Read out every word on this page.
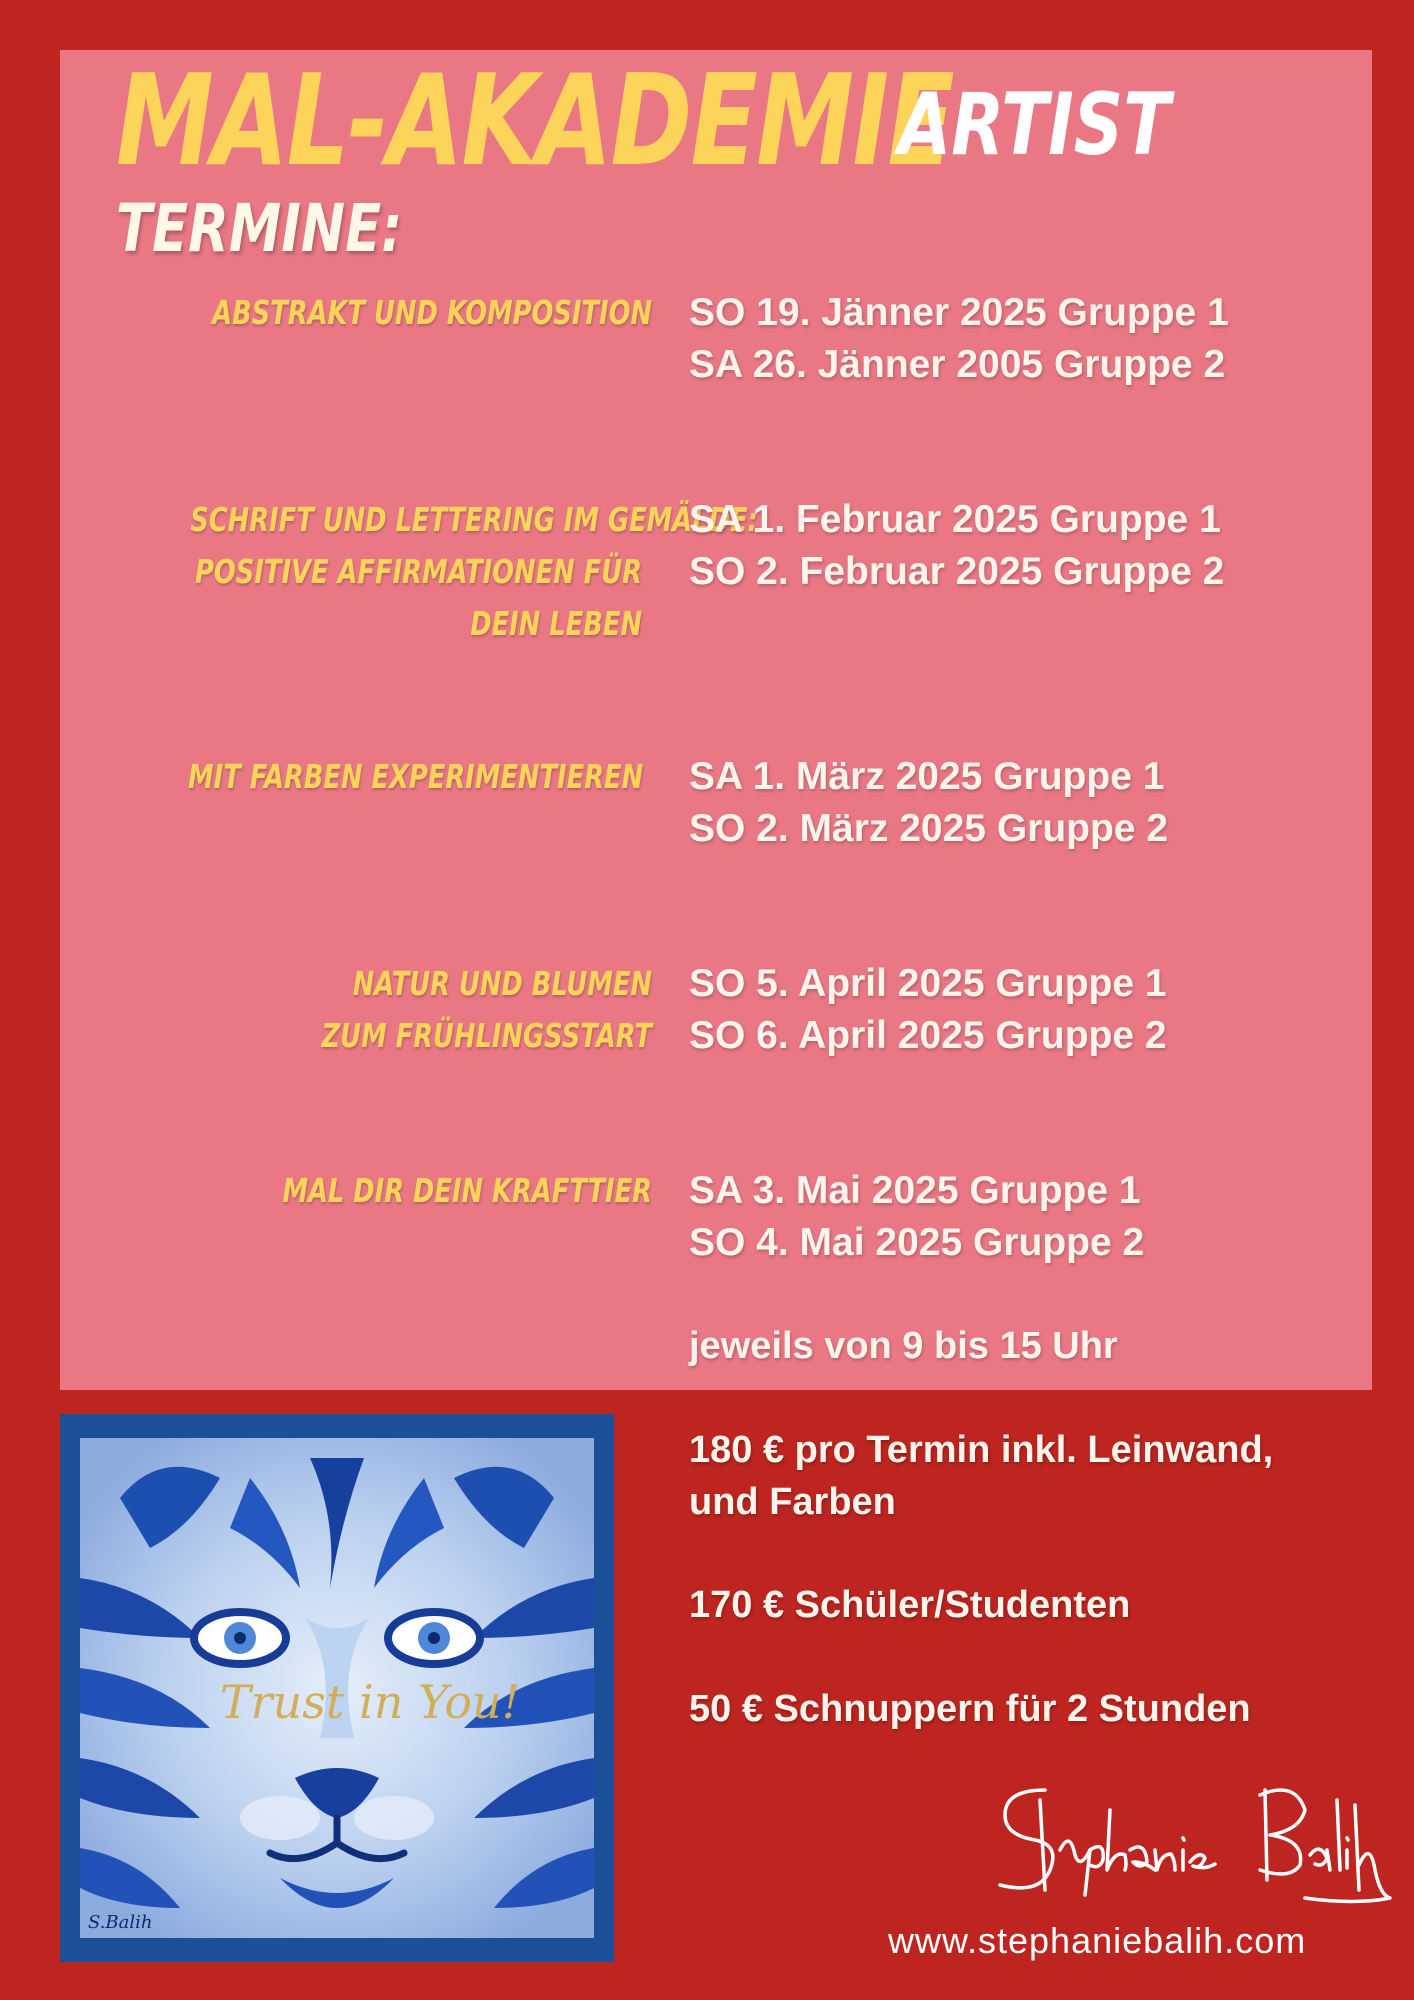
MAL-AKADEMIE
ARTIST
TERMINE:
ABSTRAKT UND KOMPOSITION SO 19. Jänner 2025 Gruppe 1
SA 26. Jänner 2005 Gruppe 2
SCHRIFT UND LETTERING IM GEMÄLDE:
POSITIVE AFFIRMATIONEN FÜR
DEIN LEBEN
SA 1. Februar 2025 Gruppe 1
SO 2. Februar 2025 Gruppe 2
MIT FARBEN EXPERIMENTIEREN SA 1. März 2025 Gruppe 1
SO 2. März 2025 Gruppe 2
NATUR UND BLUMEN
ZUM FRÜHLINGSSTART
SO 5. April 2025 Gruppe 1
SO 6. April 2025 Gruppe 2
MAL DIR DEIN KRAFTTIER SA 3. Mai 2025 Gruppe 1
SO 4. Mai 2025 Gruppe 2
jeweils von 9 bis 15 Uhr
180 € pro Termin inkl. Leinwand,
und Farben
170 € Schüler/Studenten
50 € Schnuppern für 2 Stunden
Trust in You!
S.Balih	www.stephaniebalih.com
